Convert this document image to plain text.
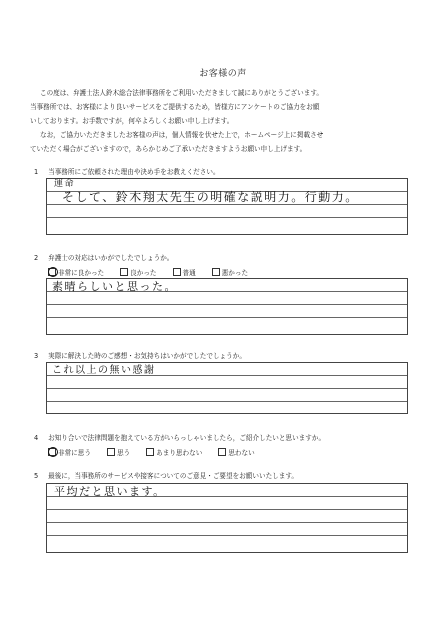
お客様の声

この度は、弁護士法人鈴木総合法律事務所をご利用いただきまして誠にありがとうございます。

当事務所では、お客様により良いサービスをご提供するため，皆様方にアンケートのご協力をお願

いしております。お手数ですが，何卒よろしくお願い申し上げます。

なお，ご協力いただきましたお客様の声は，個人情報を伏せた上で，ホームページ上に掲載させ

ていただく場合がございますので，あらかじめご了承いただきますようお願い申し上げます。

1 当事務所にご依頼された理由や決め手をお教えください。
運命
そして、鈴木翔太先生の明確な説明力。行動力。
2 弁護士の対応はいかがでしたでしょうか。
非常に良かった	良かった	普通	悪かった
素晴らしいと思った。
3 実際に解決した時のご感想・お気持ちはいかがでしたでしょうか。
これ以上の無い感謝
4 お知り合いで法律問題を抱えている方がいらっしゃいましたら，ご紹介したいと思いますか。
非常に思う	思う	あまり思わない	思わない
5 最後に，当事務所のサービスや接客についてのご意見・ご要望をお願いいたします。
平均だと思います。
